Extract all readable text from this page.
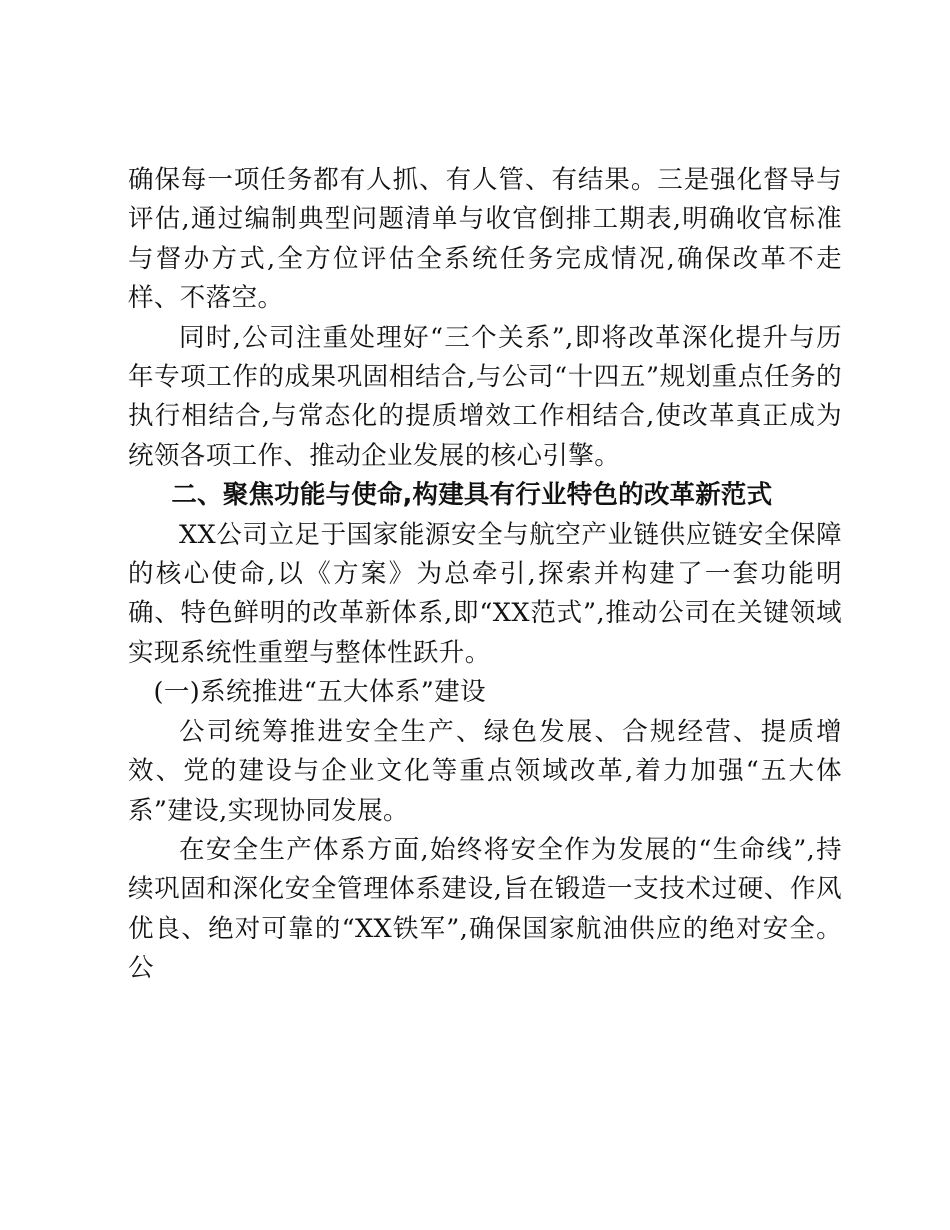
确保每一项任务都有人抓、有人管、有结果。三是强化督导与评估,通过编制典型问题清单与收官倒排工期表,明确收官标准与督办方式,全方位评估全系统任务完成情况,确保改革不走样、不落空。

同时,公司注重处理好“三个关系”,即将改革深化提升与历年专项工作的成果巩固相结合,与公司“十四五”规划重点任务的执行相结合,与常态化的提质增效工作相结合,使改革真正成为统领各项工作、推动企业发展的核心引擎。

二、聚焦功能与使命,构建具有行业特色的改革新范式

XX公司立足于国家能源安全与航空产业链供应链安全保障的核心使命,以《方案》为总牵引,探索并构建了一套功能明确、特色鲜明的改革新体系,即“XX范式”,推动公司在关键领域实现系统性重塑与整体性跃升。

(一)系统推进“五大体系”建设

公司统筹推进安全生产、绿色发展、合规经营、提质增效、党的建设与企业文化等重点领域改革,着力加强“五大体系”建设,实现协同发展。

在安全生产体系方面,始终将安全作为发展的“生命线”,持续巩固和深化安全管理体系建设,旨在锻造一支技术过硬、作风优良、绝对可靠的“XX铁军”,确保国家航油供应的绝对安全。公
